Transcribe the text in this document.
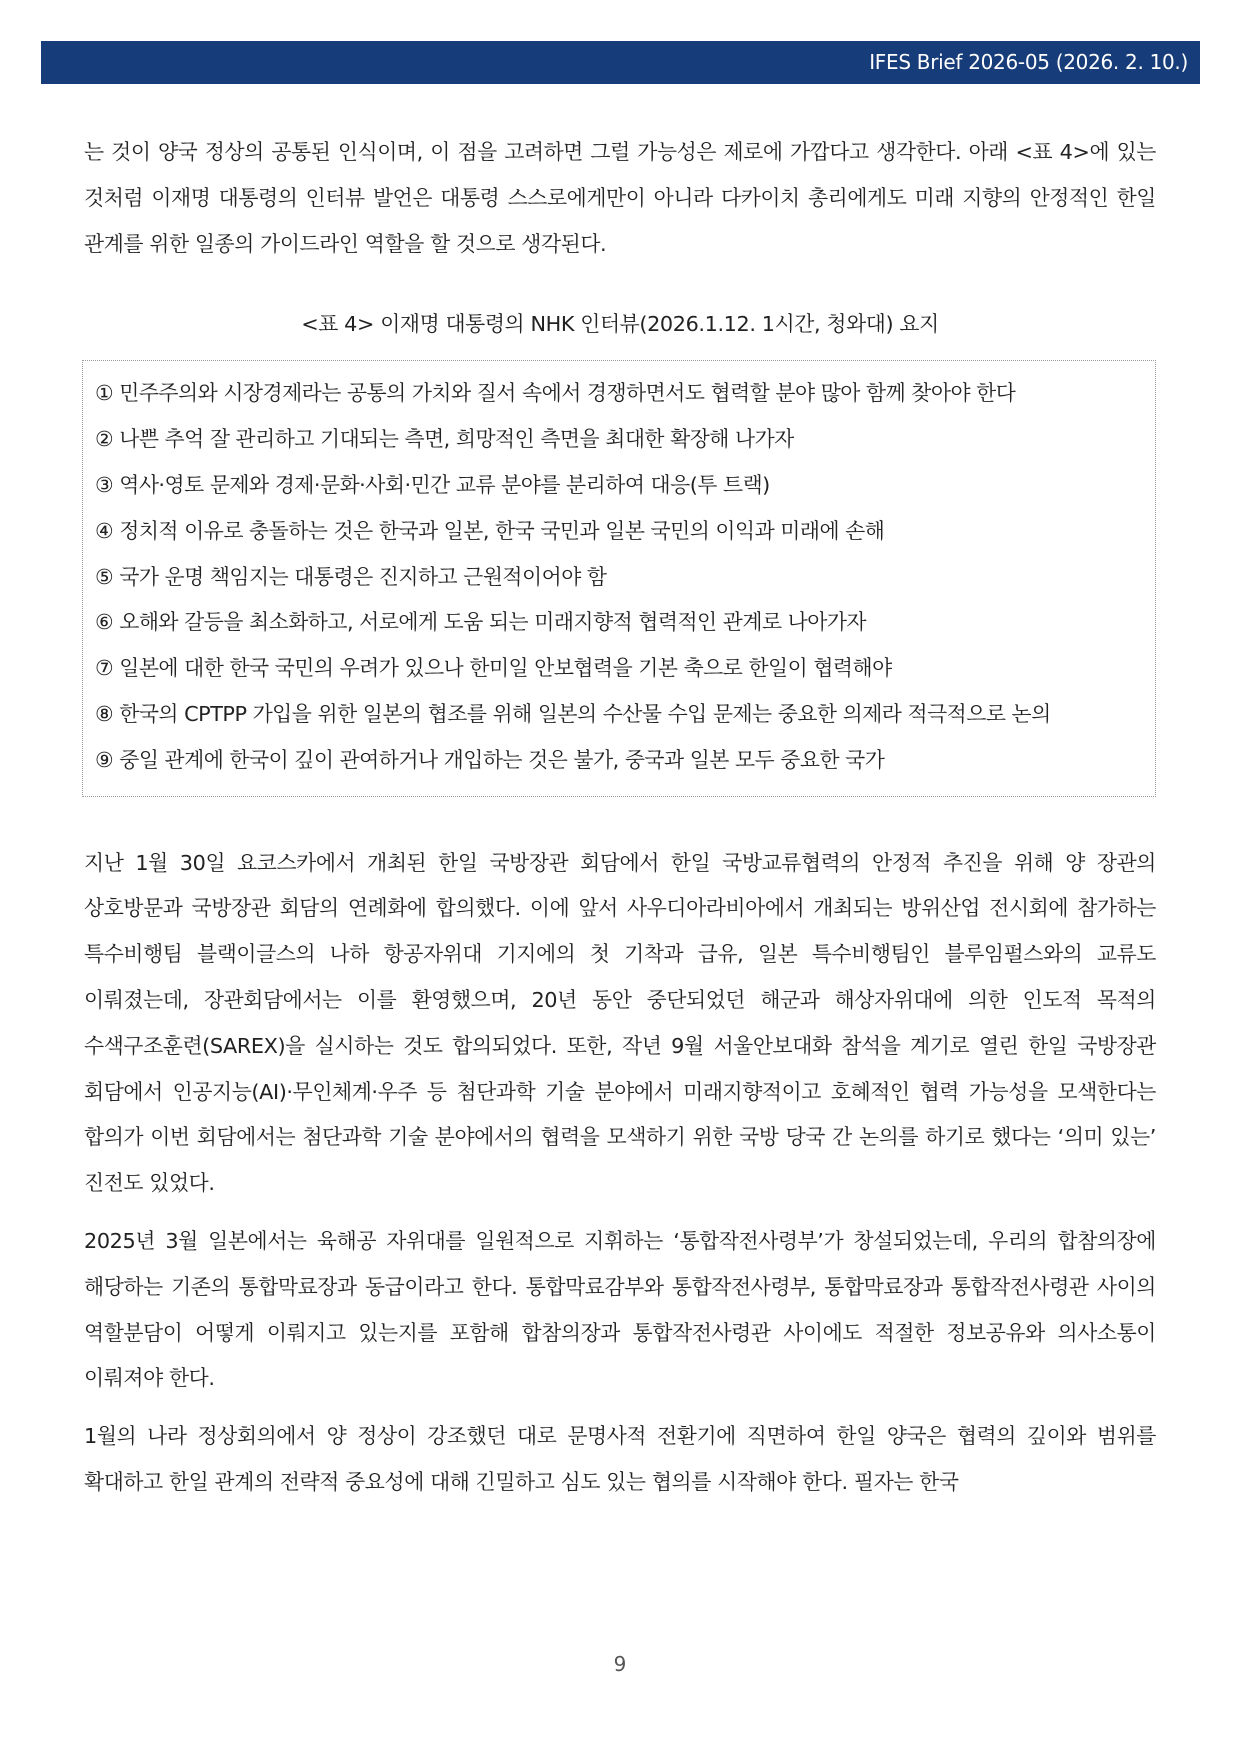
IFES Brief 2026-05 (2026. 2. 10.)

는 것이 양국 정상의 공통된 인식이며, 이 점을 고려하면 그럴 가능성은 제로에 가깝다고 생각한다. 아래 <표 4>에 있는 것처럼 이재명 대통령의 인터뷰 발언은 대통령 스스로에게만이 아니라 다카이치 총리에게도 미래 지향의 안정적인 한일 관계를 위한 일종의 가이드라인 역할을 할 것으로 생각된다.

<표 4> 이재명 대통령의 NHK 인터뷰(2026.1.12. 1시간, 청와대) 요지

① 민주주의와 시장경제라는 공통의 가치와 질서 속에서 경쟁하면서도 협력할 분야 많아 함께 찾아야 한다

② 나쁜 추억 잘 관리하고 기대되는 측면, 희망적인 측면을 최대한 확장해 나가자

③ 역사·영토 문제와 경제·문화·사회·민간 교류 분야를 분리하여 대응(투 트랙)

④ 정치적 이유로 충돌하는 것은 한국과 일본, 한국 국민과 일본 국민의 이익과 미래에 손해

⑤ 국가 운명 책임지는 대통령은 진지하고 근원적이어야 함

⑥ 오해와 갈등을 최소화하고, 서로에게 도움 되는 미래지향적 협력적인 관계로 나아가자

⑦ 일본에 대한 한국 국민의 우려가 있으나 한미일 안보협력을 기본 축으로 한일이 협력해야

⑧ 한국의 CPTPP 가입을 위한 일본의 협조를 위해 일본의 수산물 수입 문제는 중요한 의제라 적극적으로 논의

⑨ 중일 관계에 한국이 깊이 관여하거나 개입하는 것은 불가, 중국과 일본 모두 중요한 국가

지난 1월 30일 요코스카에서 개최된 한일 국방장관 회담에서 한일 국방교류협력의 안정적 추진을 위해 양 장관의 상호방문과 국방장관 회담의 연례화에 합의했다. 이에 앞서 사우디아라비아에서 개최되는 방위산업 전시회에 참가하는 특수비행팀 블랙이글스의 나하 항공자위대 기지에의 첫 기착과 급유, 일본 특수비행팀인 블루임펄스와의 교류도 이뤄졌는데, 장관회담에서는 이를 환영했으며, 20년 동안 중단되었던 해군과 해상자위대에 의한 인도적 목적의 수색구조훈련(SAREX)을 실시하는 것도 합의되었다. 또한, 작년 9월 서울안보대화 참석을 계기로 열린 한일 국방장관 회담에서 인공지능(AI)·무인체계·우주 등 첨단과학 기술 분야에서 미래지향적이고 호혜적인 협력 가능성을 모색한다는 합의가 이번 회담에서는 첨단과학 기술 분야에서의 협력을 모색하기 위한 국방 당국 간 논의를 하기로 했다는 ‘의미 있는’ 진전도 있었다.

2025년 3월 일본에서는 육해공 자위대를 일원적으로 지휘하는 ‘통합작전사령부’가 창설되었는데, 우리의 합참의장에 해당하는 기존의 통합막료장과 동급이라고 한다. 통합막료감부와 통합작전사령부, 통합막료장과 통합작전사령관 사이의 역할분담이 어떻게 이뤄지고 있는지를 포함해 합참의장과 통합작전사령관 사이에도 적절한 정보공유와 의사소통이 이뤄져야 한다.

1월의 나라 정상회의에서 양 정상이 강조했던 대로 문명사적 전환기에 직면하여 한일 양국은 협력의 깊이와 범위를 확대하고 한일 관계의 전략적 중요성에 대해 긴밀하고 심도 있는 협의를 시작해야 한다. 필자는 한국

9
